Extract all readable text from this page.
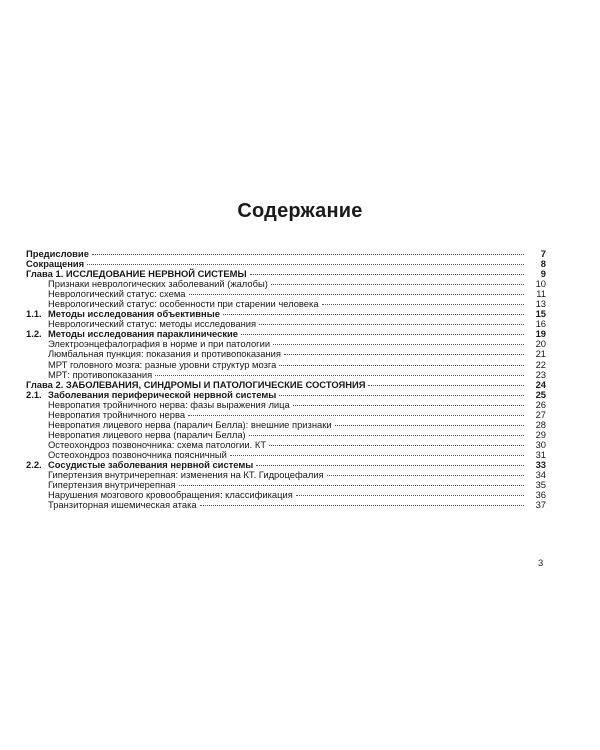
Содержание
Предисловие	7
Сокращения	8
Глава 1. ИССЛЕДОВАНИЕ НЕРВНОЙ СИСТЕМЫ	9
Признаки неврологических заболеваний (жалобы)	10
Неврологический статус: схема	11
Неврологический статус: особенности при старении человека	13
1.1. Методы исследования объективные	15
Неврологический статус: методы исследования	16
1.2. Методы исследования параклинические	19
Электроэнцефалография в норме и при патологии	20
Люмбальная пункция: показания и противопоказания	21
МРТ головного мозга: разные уровни структур мозга	22
МРТ: противопоказания	23
Глава 2. ЗАБОЛЕВАНИЯ, СИНДРОМЫ И ПАТОЛОГИЧЕСКИЕ СОСТОЯНИЯ	24
2.1. Заболевания периферической нервной системы	25
Невропатия тройничного нерва: фазы выражения лица	26
Невропатия тройничного нерва	27
Невропатия лицевого нерва (паралич Белла): внешние признаки	28
Невропатия лицевого нерва (паралич Белла)	29
Остеохондроз позвоночника: схема патологии. КТ	30
Остеохондроз позвоночника поясничный	31
2.2. Сосудистые заболевания нервной системы	33
Гипертензия внутричерепная: изменения на КТ. Гидроцефалия	34
Гипертензия внутричерепная	35
Нарушения мозгового кровообращения: классификация	36
Транзиторная ишемическая атака	37
3
